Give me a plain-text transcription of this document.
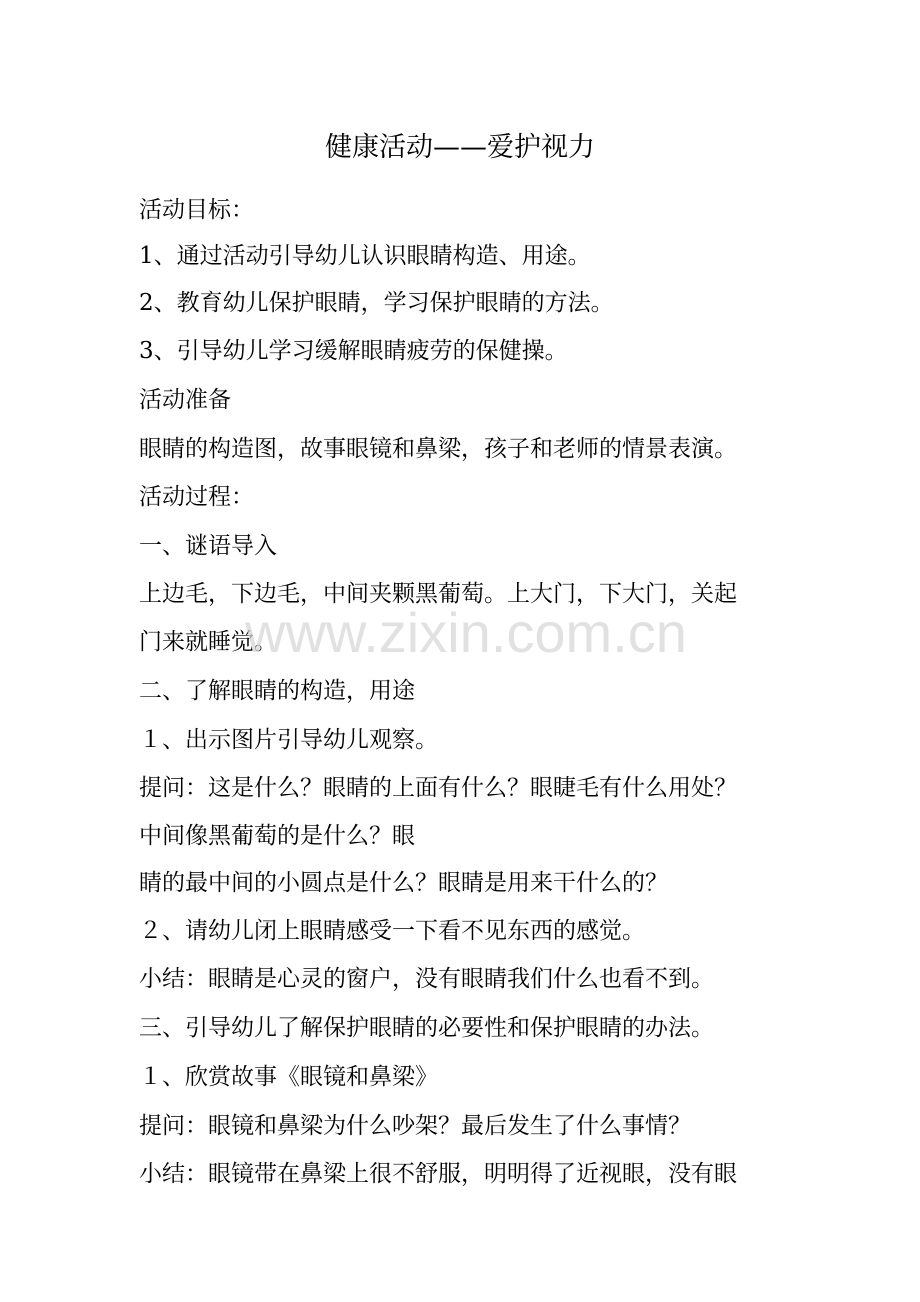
健康活动——爱护视力
活动目标：
1、通过活动引导幼儿认识眼睛构造、用途。
2、教育幼儿保护眼睛，学习保护眼睛的方法。
3、引导幼儿学习缓解眼睛疲劳的保健操。
活动准备
眼睛的构造图，故事眼镜和鼻梁，孩子和老师的情景表演。
活动过程：
一、谜语导入
上边毛，下边毛，中间夹颗黑葡萄。上大门，下大门，关起
门来就睡觉。
二、了解眼睛的构造，用途
１、出示图片引导幼儿观察。
提问：这是什么？眼睛的上面有什么？眼睫毛有什么用处？
中间像黑葡萄的是什么？眼
睛的最中间的小圆点是什么？眼睛是用来干什么的？
２、请幼儿闭上眼睛感受一下看不见东西的感觉。
小结：眼睛是心灵的窗户，没有眼睛我们什么也看不到。
三、引导幼儿了解保护眼睛的必要性和保护眼睛的办法。
１、欣赏故事《眼镜和鼻梁》
提问：眼镜和鼻梁为什么吵架？最后发生了什么事情？
小结：眼镜带在鼻梁上很不舒服，明明得了近视眼，没有眼
www.zixin.com.cn
